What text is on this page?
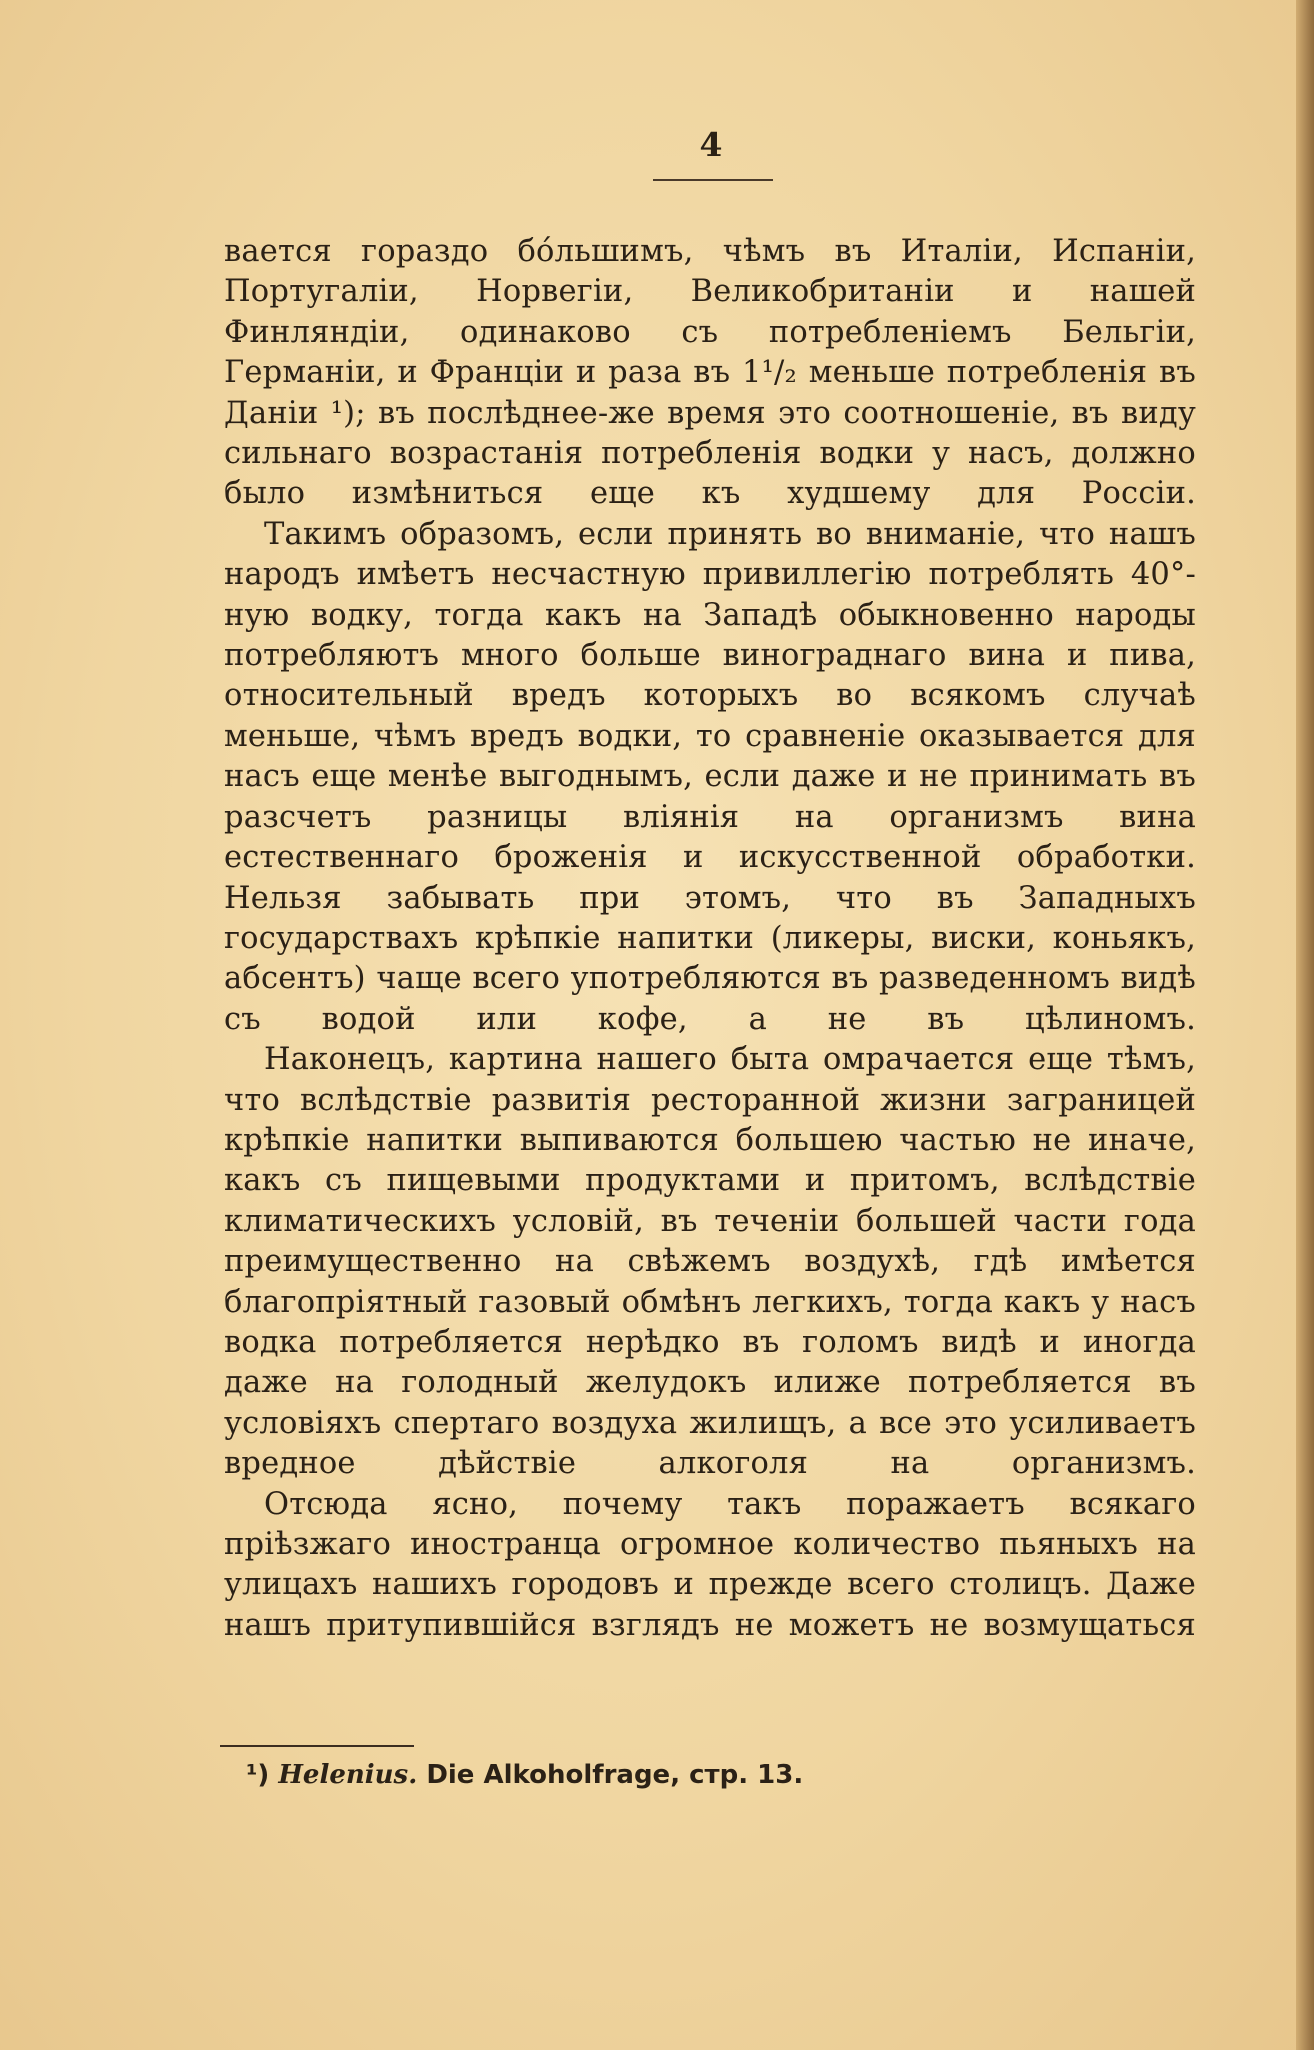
4

вается гораздо бо́льшимъ, чѣмъ въ Италіи, Испаніи, Португаліи, Норвегіи, Великобританіи и нашей Финляндіи, одинаково съ потребленіемъ Бельгіи, Германіи, и Франціи и раза въ 1¹/₂ меньше потребленія въ Даніи ¹); въ послѣднее-же время это соотношеніе, въ виду сильнаго возрастанія потребленія водки у насъ, должно было измѣниться еще къ худшему для Россіи.

Такимъ образомъ, если принять во вниманіе, что нашъ народъ имѣетъ несчастную привиллегію потреблять 40°-ную водку, тогда какъ на Западѣ обыкновенно народы потребляютъ много больше винограднаго вина и пива, относительный вредъ которыхъ во всякомъ случаѣ меньше, чѣмъ вредъ водки, то сравненіе оказывается для насъ еще менѣе выгоднымъ, если даже и не принимать въ разсчетъ разницы вліянія на организмъ вина естественнаго броженія и искусственной обработки. Нельзя забывать при этомъ, что въ Западныхъ государствахъ крѣпкіе напитки (ликеры, виски, коньякъ, абсентъ) чаще всего употребляются въ разведенномъ видѣ съ водой или кофе, а не въ цѣлиномъ.

Наконецъ, картина нашего быта омрачается еще тѣмъ, что вслѣдствіе развитія ресторанной жизни заграницей крѣпкіе напитки выпиваются большею частью не иначе, какъ съ пищевыми продуктами и притомъ, вслѣдствіе климатическихъ условій, въ теченіи большей части года преимущественно на свѣжемъ воздухѣ, гдѣ имѣется благопріятный газовый обмѣнъ легкихъ, тогда какъ у насъ водка потребляется нерѣдко въ голомъ видѣ и иногда даже на голодный желудокъ илиже потребляется въ условіяхъ спертаго воздуха жилищъ, а все это усиливаетъ вредное дѣйствіе алкоголя на организмъ.

Отсюда ясно, почему такъ поражаетъ всякаго пріѣзжаго иностранца огромное количество пьяныхъ на улицахъ нашихъ городовъ и прежде всего столицъ. Даже нашъ притупившійся взглядъ не можетъ не возмущаться

¹) Helenius. Die Alkoholfrage, стр. 13.
